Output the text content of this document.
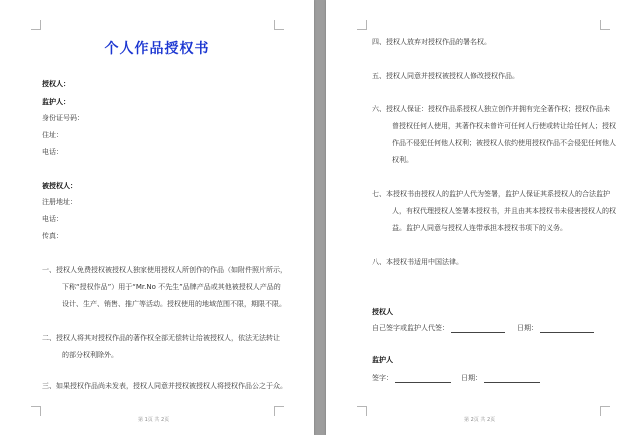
个人作品授权书
授权人：
监护人：
身份证号码：
住址：
电话：
被授权人：
注册地址：
电话：
传真：
一、授权人免费授权被授权人独家使用授权人所创作的作品（如附件照片所示，
下称“授权作品”）用于“Mr.No 不先生”品牌产品或其他被授权人产品的
设计、生产、销售、推广等活动。授权使用的地域范围不限，期限不限。
二、授权人将其对授权作品的著作权全部无偿转让给被授权人，依法无法转让
的部分权利除外。
三、如果授权作品尚未发表，授权人同意并授权被授权人将授权作品公之于众。
第 1页 共 2页
四、授权人放弃对授权作品的署名权。
五、授权人同意并授权被授权人修改授权作品。
六、授权人保证：授权作品系授权人独立创作并拥有完全著作权；授权作品未
曾授权任何人使用，其著作权未曾许可任何人行使或转让给任何人；授权
作品不侵犯任何他人权利；被授权人依约使用授权作品不会侵犯任何他人
权利。
七、本授权书由授权人的监护人代为签署，监护人保证其系授权人的合法监护
人，有权代理授权人签署本授权书，并且由其本授权书未侵害授权人的权
益。监护人同意与授权人连带承担本授权书项下的义务。
八、本授权书适用中国法律。
授权人
自己签字或监护人代签：	日期：
监护人
签字：	日期：
第 2页 共 2页
